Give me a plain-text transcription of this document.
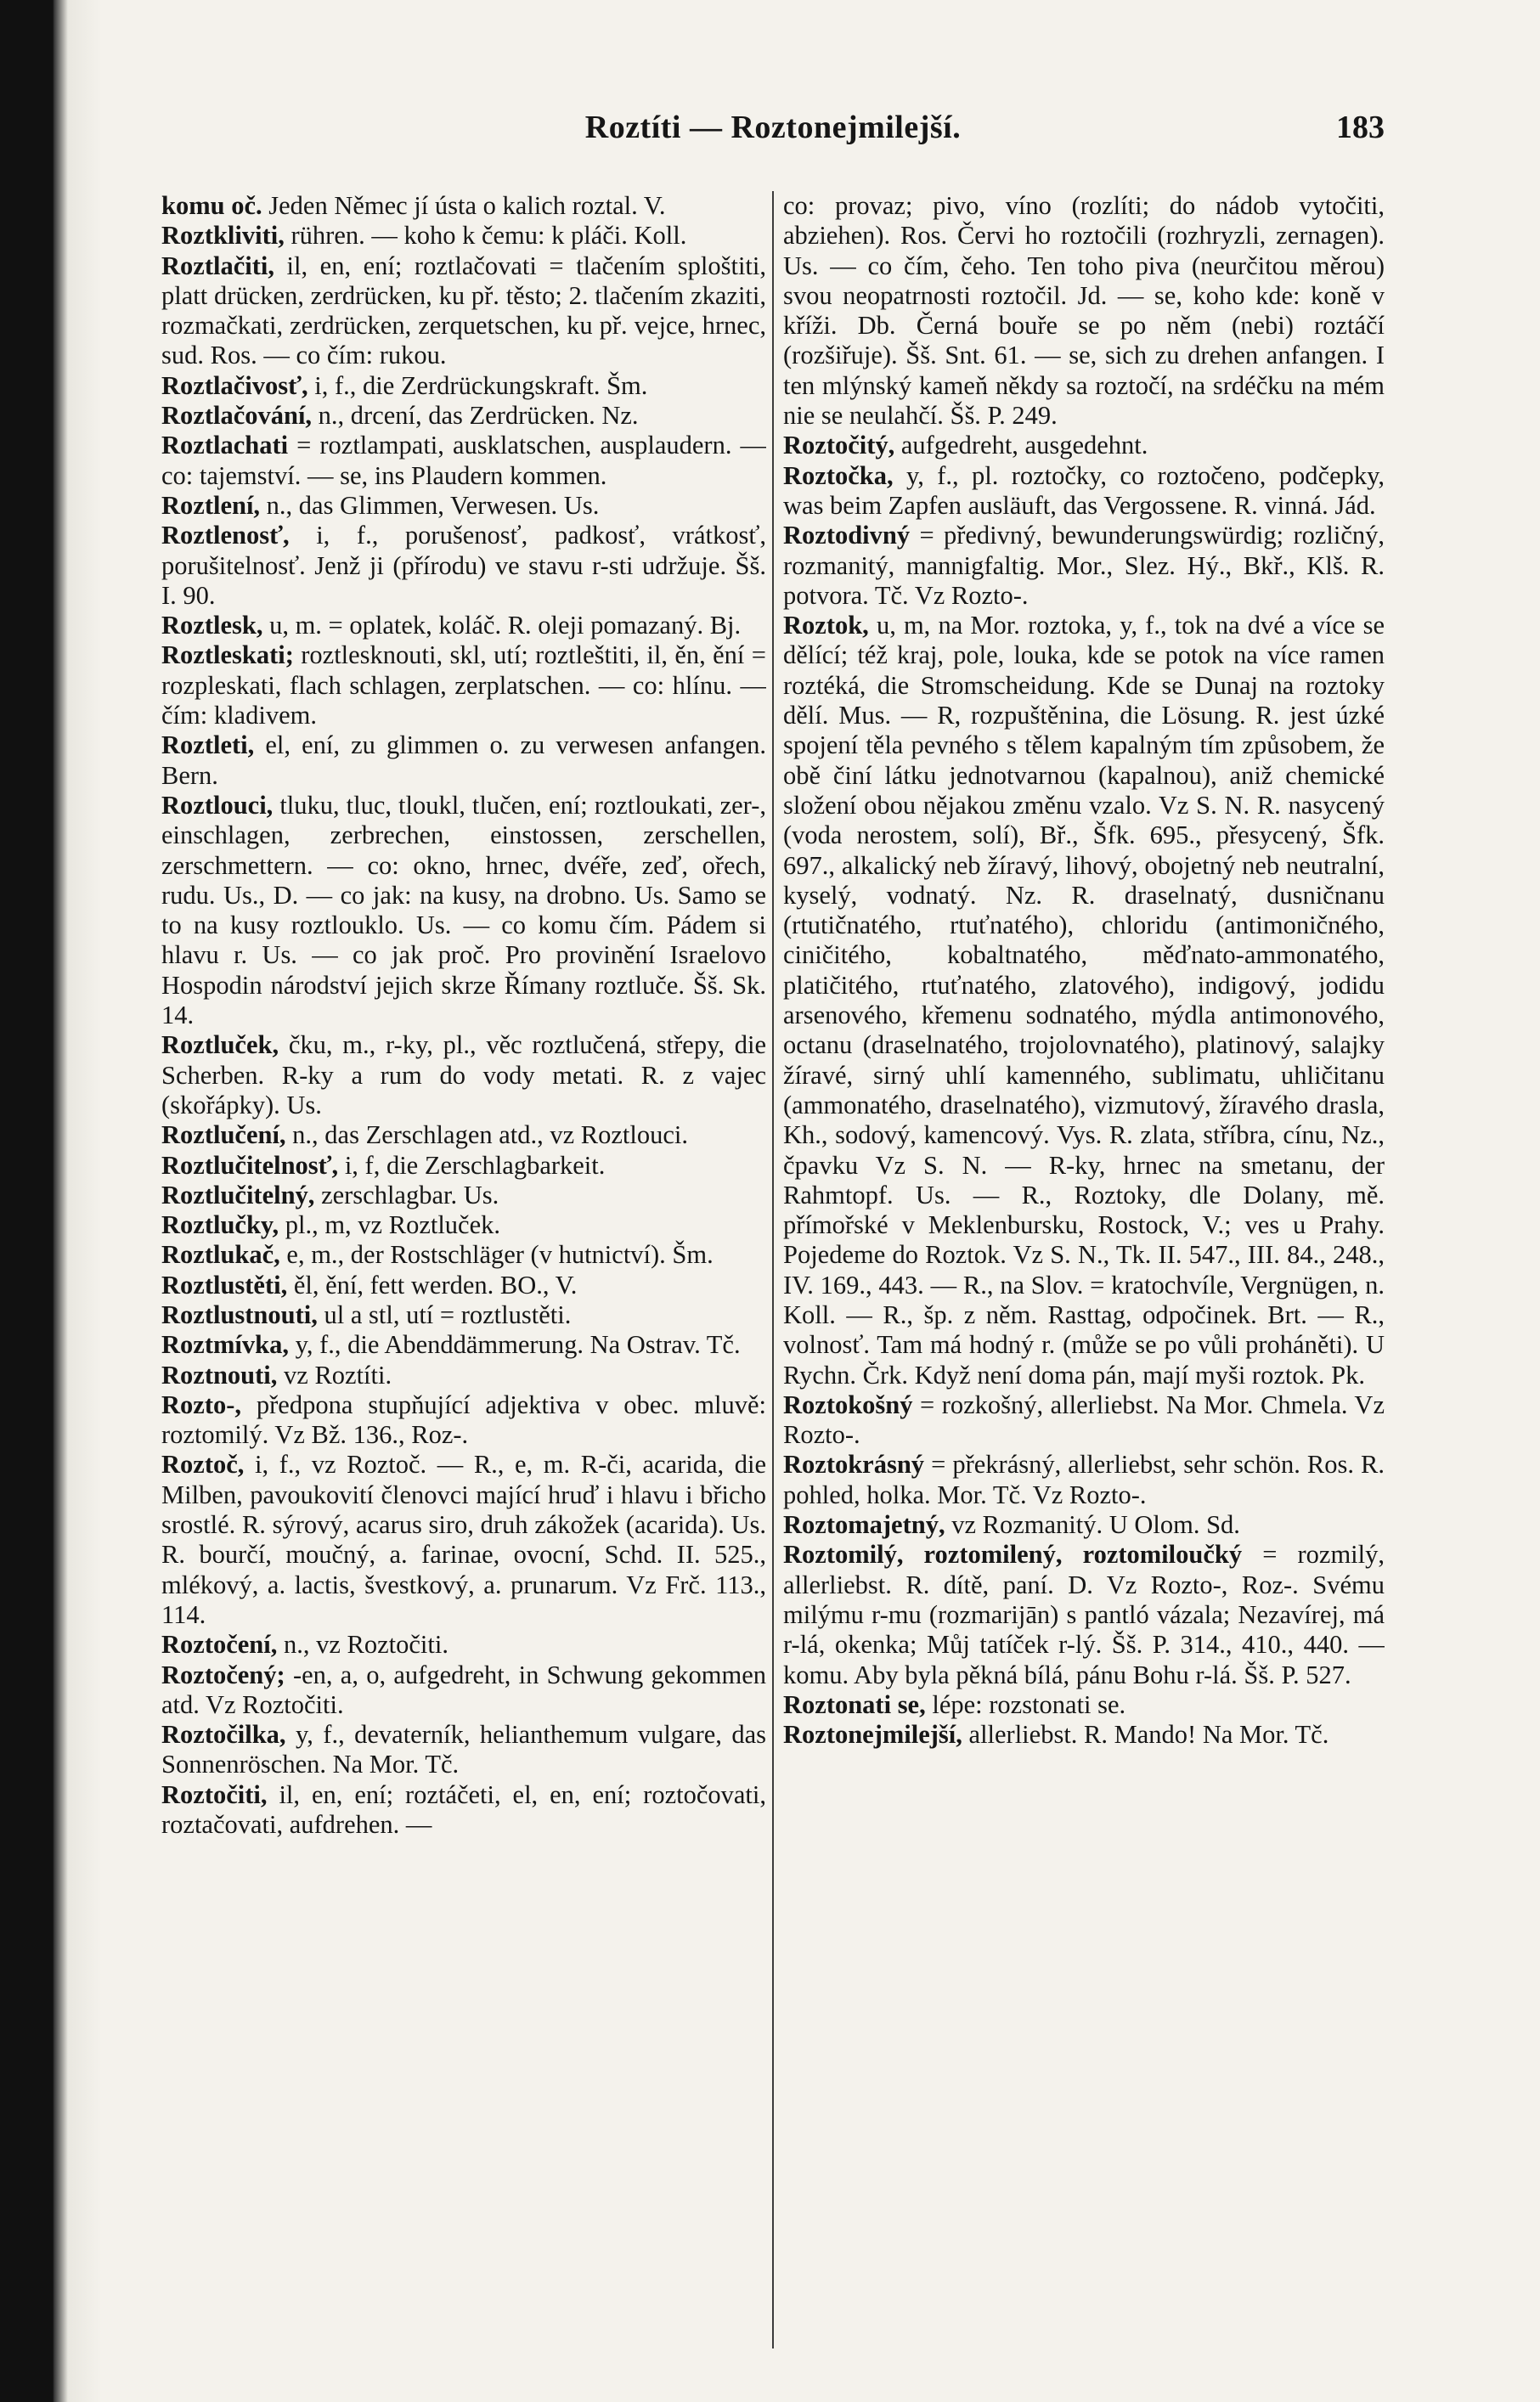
Roztíti — Roztonejmilejší.	183

komu oč. Jeden Němec jí ústa o kalich roztal. V.

Roztkliviti, rühren. — koho k čemu: k pláči. Koll.

Roztlačiti, il, en, ení; roztlačovati = tlačením sploštiti, platt drücken, zerdrücken, ku př. těsto; 2. tlačením zkaziti, rozmačkati, zerdrücken, zerquetschen, ku př. vejce, hrnec, sud. Ros. — co čím: rukou.

Roztlačivosť, i, f., die Zerdrückungskraft. Šm.

Roztlačování, n., drcení, das Zerdrücken. Nz.

Roztlachati = roztlampati, ausklatschen, ausplaudern. — co: tajemství. — se, ins Plaudern kommen.

Roztlení, n., das Glimmen, Verwesen. Us.

Roztlenosť, i, f., porušenosť, padkosť, vrátkosť, porušitelnosť. Jenž ji (přírodu) ve stavu r-sti udržuje. Šš. I. 90.

Roztlesk, u, m. = oplatek, koláč. R. oleji pomazaný. Bj.

Roztleskati; roztlesknouti, skl, utí; roztleštiti, il, ěn, ění = rozpleskati, flach schlagen, zerplatschen. — co: hlínu. — čím: kladivem.

Roztleti, el, ení, zu glimmen o. zu verwesen anfangen. Bern.

Roztlouci, tluku, tluc, tloukl, tlučen, ení; roztloukati, zer-, einschlagen, zerbrechen, einstossen, zerschellen, zerschmettern. — co: okno, hrnec, dvéře, zeď, ořech, rudu. Us., D. — co jak: na kusy, na drobno. Us. Samo se to na kusy roztlouklo. Us. — co komu čím. Pádem si hlavu r. Us. — co jak proč. Pro provinění Israelovo Hospodin národství jejich skrze Římany roztluče. Šš. Sk. 14.

Roztluček, čku, m., r-ky, pl., věc roztlučená, střepy, die Scherben. R-ky a rum do vody metati. R. z vajec (skořápky). Us.

Roztlučení, n., das Zerschlagen atd., vz Roztlouci.

Roztlučitelnosť, i, f, die Zerschlagbarkeit.

Roztlučitelný, zerschlagbar. Us.

Roztlučky, pl., m, vz Roztluček.

Roztlukač, e, m., der Rostschläger (v hutnictví). Šm.

Roztlustěti, ěl, ění, fett werden. BO., V.

Roztlustnouti, ul a stl, utí = roztlustěti.

Roztmívka, y, f., die Abenddämmerung. Na Ostrav. Tč.

Roztnouti, vz Roztíti.

Rozto-, předpona stupňující adjektiva v obec. mluvě: roztomilý. Vz Bž. 136., Roz-.

Roztoč, i, f., vz Roztoč. — R., e, m. R-či, acarida, die Milben, pavoukovití členovci mající hruď i hlavu i břicho srostlé. R. sýrový, acarus siro, druh zákožek (acarida). Us. R. bourčí, moučný, a. farinae, ovocní, Schd. II. 525., mlékový, a. lactis, švestkový, a. prunarum. Vz Frč. 113., 114.

Roztočení, n., vz Roztočiti.

Roztočený; -en, a, o, aufgedreht, in Schwung gekommen atd. Vz Roztočiti.

Roztočilka, y, f., devaterník, helianthemum vulgare, das Sonnenröschen. Na Mor. Tč.

Roztočiti, il, en, ení; roztáčeti, el, en, ení; roztočovati, roztačovati, aufdrehen. —

co: provaz; pivo, víno (rozlíti; do nádob vytočiti, abziehen). Ros. Červi ho roztočili (rozhryzli, zernagen). Us. — co čím, čeho. Ten toho piva (neurčitou měrou) svou neopatrnosti roztočil. Jd. — se, koho kde: koně v kříži. Db. Černá bouře se po něm (nebi) roztáčí (rozšiřuje). Šš. Snt. 61. — se, sich zu drehen anfangen. I ten mlýnský kameň někdy sa roztočí, na srdéčku na mém nie se neulahčí. Šš. P. 249.

Roztočitý, aufgedreht, ausgedehnt.

Roztočka, y, f., pl. roztočky, co roztočeno, podčepky, was beim Zapfen ausläuft, das Vergossene. R. vinná. Jád.

Roztodivný = předivný, bewunderungswürdig; rozličný, rozmanitý, mannigfaltig. Mor., Slez. Hý., Bkř., Klš. R. potvora. Tč. Vz Rozto-.

Roztok, u, m, na Mor. roztoka, y, f., tok na dvé a více se dělící; též kraj, pole, louka, kde se potok na více ramen roztéká, die Stromscheidung. Kde se Dunaj na roztoky dělí. Mus. — R, rozpuštěnina, die Lösung. R. jest úzké spojení těla pevného s tělem kapalným tím způsobem, že obě činí látku jednotvarnou (kapalnou), aniž chemické složení obou nějakou změnu vzalo. Vz S. N. R. nasycený (voda nerostem, solí), Bř., Šfk. 695., přesycený, Šfk. 697., alkalický neb žíravý, lihový, obojetný neb neutralní, kyselý, vodnatý. Nz. R. draselnatý, dusničnanu (rtutičnatého, rtuťnatého), chloridu (antimoničného, ciničitého, kobaltnatého, měďnato-ammonatého, platičitého, rtuťnatého, zlatového), indigový, jodidu arsenového, křemenu sodnatého, mýdla antimonového, octanu (draselnatého, trojolovnatého), platinový, salajky žíravé, sirný uhlí kamenného, sublimatu, uhličitanu (ammonatého, draselnatého), vizmutový, žíravého drasla, Kh., sodový, kamencový. Vys. R. zlata, stříbra, cínu, Nz., čpavku Vz S. N. — R-ky, hrnec na smetanu, der Rahmtopf. Us. — R., Roztoky, dle Dolany, mě. přímořské v Meklenbursku, Rostock, V.; ves u Prahy. Pojedeme do Roztok. Vz S. N., Tk. II. 547., III. 84., 248., IV. 169., 443. — R., na Slov. = kratochvíle, Vergnügen, n. Koll. — R., šp. z něm. Rasttag, odpočinek. Brt. — R., volnosť. Tam má hodný r. (může se po vůli proháněti). U Rychn. Črk. Když není doma pán, mají myši roztok. Pk.

Roztokošný = rozkošný, allerliebst. Na Mor. Chmela. Vz Rozto-.

Roztokrásný = překrásný, allerliebst, sehr schön. Ros. R. pohled, holka. Mor. Tč. Vz Rozto-.

Roztomajetný, vz Rozmanitý. U Olom. Sd.

Roztomilý, roztomilený, roztomiloučký = rozmilý, allerliebst. R. dítě, paní. D. Vz Rozto-, Roz-. Svému milýmu r-mu (rozmarijān) s pantló vázala; Nezavírej, má r-lá, okenka; Můj tatíček r-lý. Šš. P. 314., 410., 440. — komu. Aby byla pěkná bílá, pánu Bohu r-lá. Šš. P. 527.

Roztonati se, lépe: rozstonati se.

Roztonejmilejší, allerliebst. R. Mando! Na Mor. Tč.
